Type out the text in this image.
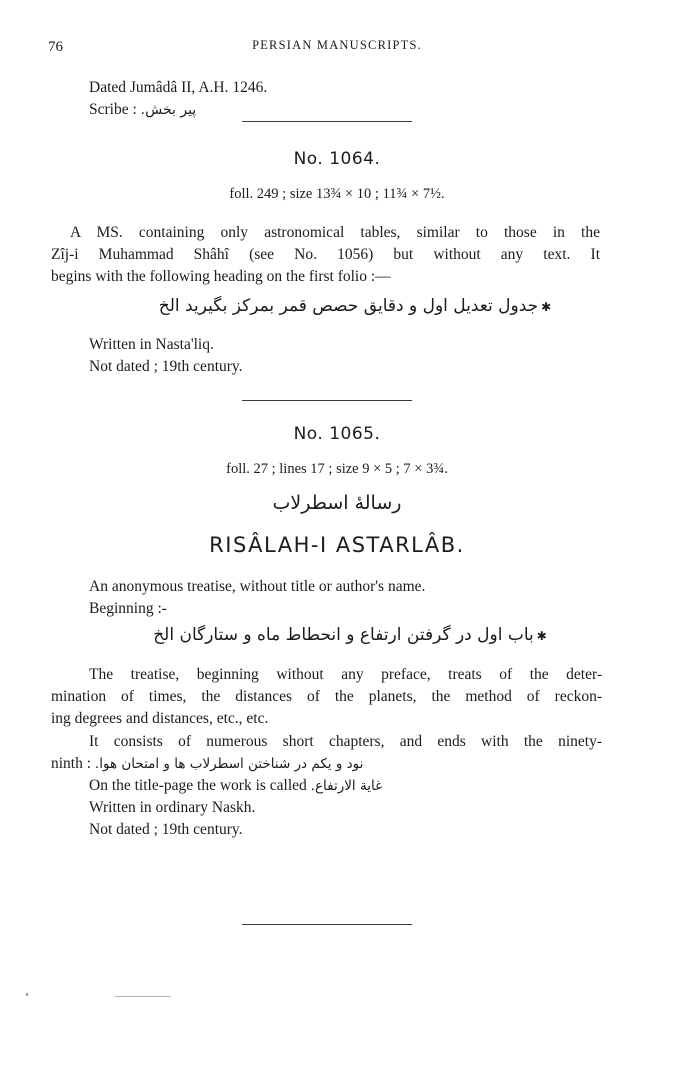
76	PERSIAN MANUSCRIPTS.
Dated Jumâdâ II, A.H. 1246.
Scribe : پیر بخش.
No. 1064.
foll. 249 ; size 13¾ × 10 ; 11¾ × 7½.
A MS. containing only astronomical tables, similar to those in the
Zîj-i Muhammad Shâhî (see No. 1056) but without any text. It
begins with the following heading on the first folio :—
جدول تعدیل اول و دقایق حصص قمر بمرکز بگیرید الخ ✱
Written in Nasta'liq.
Not dated ; 19th century.
No. 1065.
foll. 27 ; lines 17 ; size 9 × 5 ; 7 × 3¾.
رسالهٔ اسطرلاب
RISÂLAH-I ASTARLÂB.
An anonymous treatise, without title or author's name.
Beginning :-
باب اول در گرفتن ارتفاع و انحطاط ماه و ستارگان الخ ✱
The treatise, beginning without any preface, treats of the deter-
mination of times, the distances of the planets, the method of reckon-
ing degrees and distances, etc., etc.
It consists of numerous short chapters, and ends with the ninety-
ninth : نود و یکم در شناختن اسطرلاب ها و امتحان هوا.
On the title-page the work is called غایة الارتفاع.
Written in ordinary Naskh.
Not dated ; 19th century.
